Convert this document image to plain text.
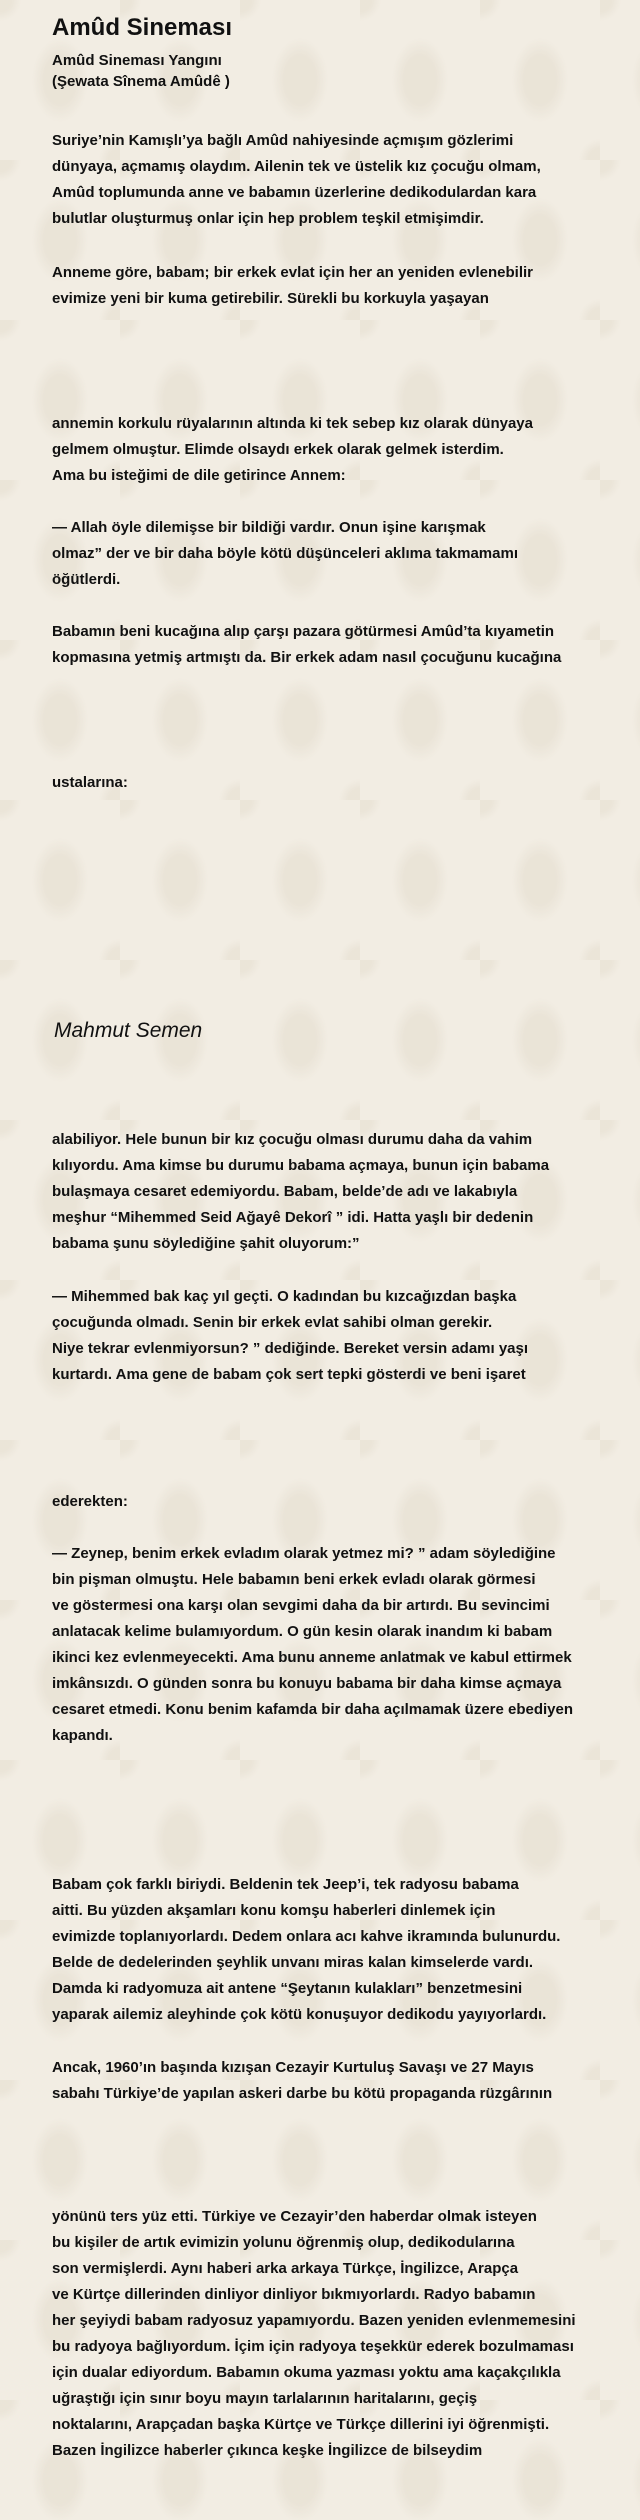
Amûd Sineması
Amûd Sineması Yangını
(Şewata Sînema Amûdê )

Suriye’nin Kamışlı’ya bağlı Amûd nahiyesinde açmışım gözlerimi
dünyaya, açmamış olaydım. Ailenin tek ve üstelik kız çocuğu olmam,
Amûd toplumunda anne ve babamın üzerlerine dedikodulardan kara
bulutlar oluşturmuş onlar için hep problem teşkil etmişimdir.

Anneme göre, babam; bir erkek evlat için her an yeniden evlenebilir
evimize yeni bir kuma getirebilir. Sürekli bu korkuyla yaşayan

annemin korkulu rüyalarının altında ki tek sebep kız olarak dünyaya
gelmem olmuştur. Elimde olsaydı erkek olarak gelmek isterdim.
Ama bu isteğimi de dile getirince Annem:

— Allah öyle dilemişse bir bildiği vardır. Onun işine karışmak
olmaz” der ve bir daha böyle kötü düşünceleri aklıma takmamamı
öğütlerdi.

Babamın beni kucağına alıp çarşı pazara götürmesi Amûd’ta kıyametin
kopmasına yetmiş artmıştı da. Bir erkek adam nasıl çocuğunu kucağına

ustalarına:

alabiliyor. Hele bunun bir kız çocuğu olması durumu daha da vahim
kılıyordu. Ama kimse bu durumu babama açmaya, bunun için babama
bulaşmaya cesaret edemiyordu. Babam, belde’de adı ve lakabıyla
meşhur “Mihemmed Seid Ağayê Dekorî ” idi. Hatta yaşlı bir dedenin
babama şunu söylediğine şahit oluyorum:”

— Mihemmed bak kaç yıl geçti. O kadından bu kızcağızdan başka
çocuğunda olmadı. Senin bir erkek evlat sahibi olman gerekir.
Niye tekrar evlenmiyorsun? ” dediğinde. Bereket versin adamı yaşı
kurtardı. Ama gene de babam çok sert tepki gösterdi ve beni işaret

ederekten:

— Zeynep, benim erkek evladım olarak yetmez mi? ” adam söylediğine
bin pişman olmuştu. Hele babamın beni erkek evladı olarak görmesi
ve göstermesi ona karşı olan sevgimi daha da bir artırdı. Bu sevincimi
anlatacak kelime bulamıyordum. O gün kesin olarak inandım ki babam
ikinci kez evlenmeyecekti. Ama bunu anneme anlatmak ve kabul ettirmek
imkânsızdı. O günden sonra bu konuyu babama bir daha kimse açmaya
cesaret etmedi. Konu benim kafamda bir daha açılmamak üzere ebediyen
kapandı.

Babam çok farklı biriydi. Beldenin tek Jeep’i, tek radyosu babama
aitti. Bu yüzden akşamları konu komşu haberleri dinlemek için
evimizde toplanıyorlardı. Dedem onlara acı kahve ikramında bulunurdu.
Belde de dedelerinden şeyhlik unvanı miras kalan kimselerde vardı.
Damda ki radyomuza ait antene “Şeytanın kulakları” benzetmesini
yaparak ailemiz aleyhinde çok kötü konuşuyor dedikodu yayıyorlardı.

Ancak, 1960’ın başında kızışan Cezayir Kurtuluş Savaşı ve 27 Mayıs
sabahı Türkiye’de yapılan askeri darbe bu kötü propaganda rüzgârının

yönünü ters yüz etti. Türkiye ve Cezayir’den haberdar olmak isteyen
bu kişiler de artık evimizin yolunu öğrenmiş olup, dedikodularına
son vermişlerdi. Aynı haberi arka arkaya Türkçe, İngilizce, Arapça
ve Kürtçe dillerinden dinliyor dinliyor bıkmıyorlardı. Radyo babamın
her şeyiydi babam radyosuz yapamıyordu. Bazen yeniden evlenmemesini
bu radyoya bağlıyordum. İçim için radyoya teşekkür ederek bozulmaması
için dualar ediyordum. Babamın okuma yazması yoktu ama kaçakçılıkla
uğraştığı için sınır boyu mayın tarlalarının haritalarını, geçiş
noktalarını, Arapçadan başka Kürtçe ve Türkçe dillerini iyi öğrenmişti.
Bazen İngilizce haberler çıkınca keşke İngilizce de bilseydim

Mahmut Semen
